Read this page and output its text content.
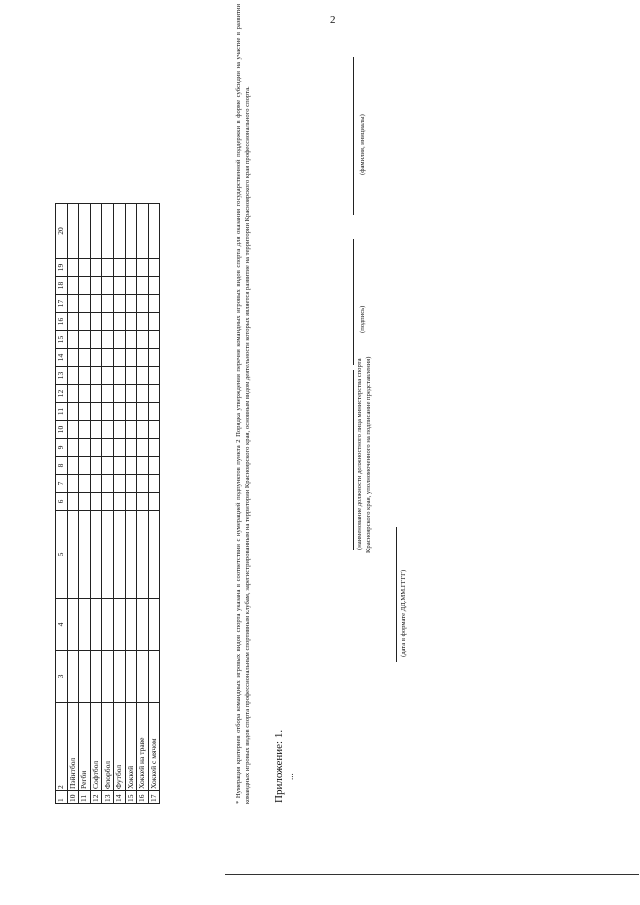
2
1	2	3	4	5	6	7	8	9	10	11	12	13	14	15	16	17	18	19	20
10	Пэйнтбол																		
11	Регби																		
12	Софтбол																		
13	Флорбол																		
14	Футбол																		
15	Хоккей																		
16	Хоккей на траве																		
17	Хоккей с мячом																			* Нумерация критериев отбора командных игровых видов спорта указана в соответствии с нумерацией подпунктов пункта 2 Порядка утверждения перечня командных игровых видов спорта для оказания государственной поддержки в форме субсидии на участие в развитии командных игровых видов спорта профессиональным спортивным клубам, зарегистрированным на территории Красноярского края, основным видом деятельности которых является развитие на территории Красноярского края профессионального спорта. Приложение: 1. ...
(наименование должности должностного лица министерства спорта Красноярского края, уполномоченного на подписание представления)
(подпись)
(фамилия, инициалы)
(дата в формате ДД.ММ.ГГГГ)
